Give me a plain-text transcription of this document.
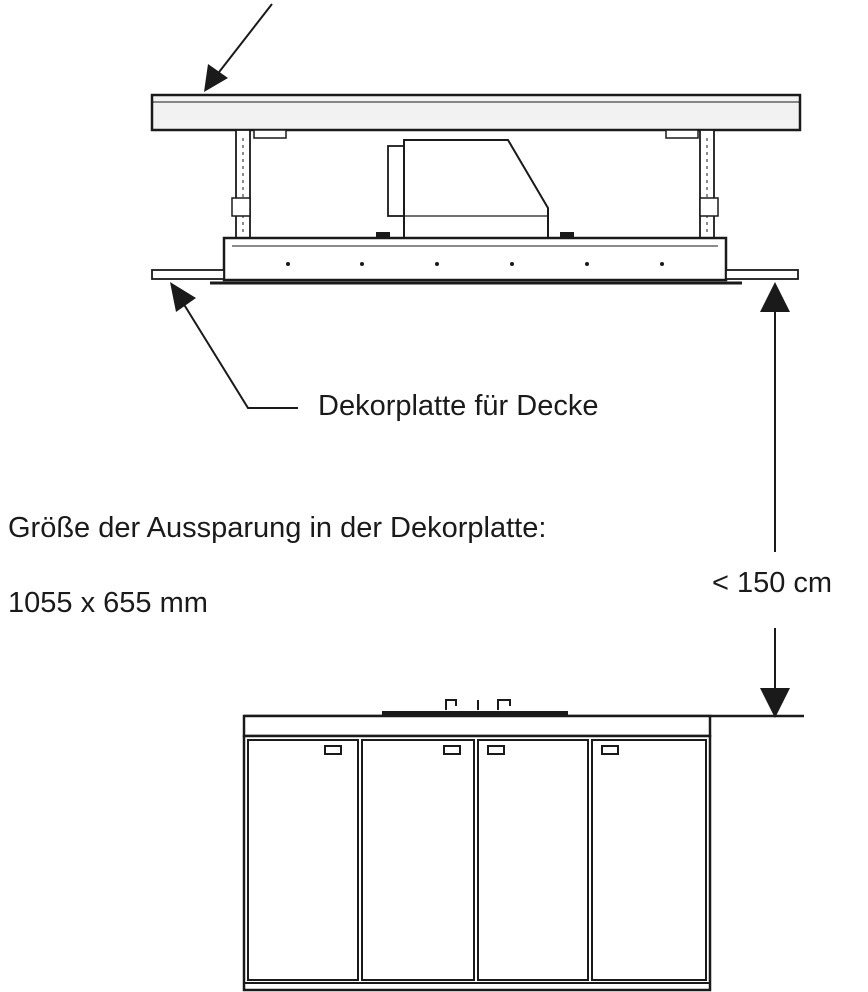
Dekorplatte für Decke
Größe der Aussparung in der Dekorplatte:
1055 x 655 mm
< 150 cm
